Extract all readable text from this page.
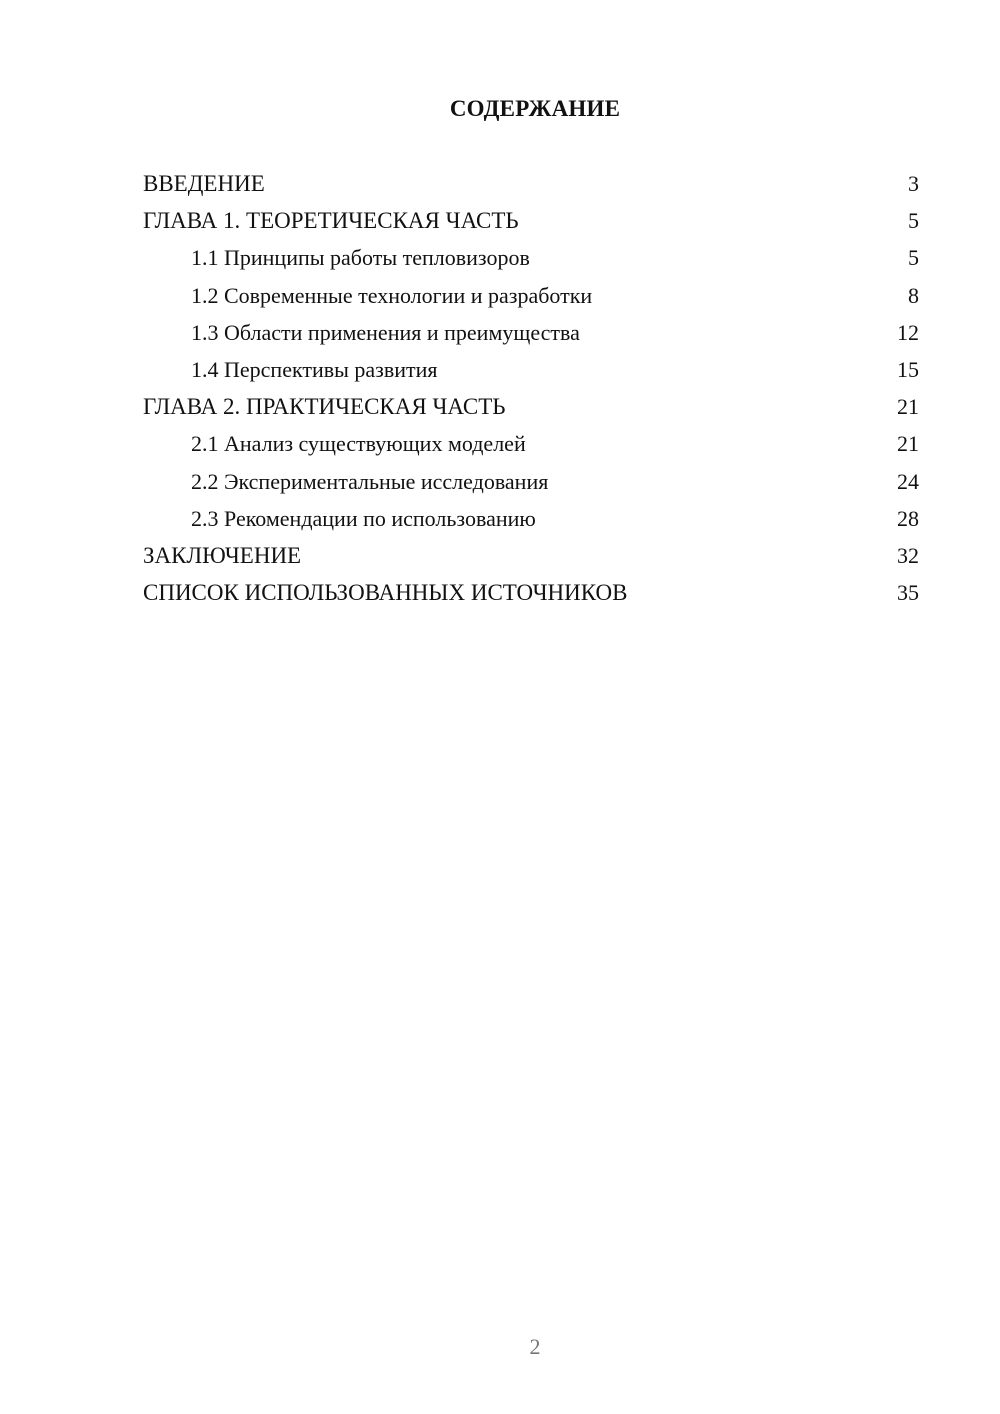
СОДЕРЖАНИЕ
ВВЕДЕНИЕ	3
ГЛАВА 1. ТЕОРЕТИЧЕСКАЯ ЧАСТЬ	5
1.1 Принципы работы тепловизоров	5
1.2 Современные технологии и разработки	8
1.3 Области применения и преимущества	12
1.4 Перспективы развития	15
ГЛАВА 2. ПРАКТИЧЕСКАЯ ЧАСТЬ	21
2.1 Анализ существующих моделей	21
2.2 Экспериментальные исследования	24
2.3 Рекомендации по использованию	28
ЗАКЛЮЧЕНИЕ	32
СПИСОК ИСПОЛЬЗОВАННЫХ ИСТОЧНИКОВ	35
2
